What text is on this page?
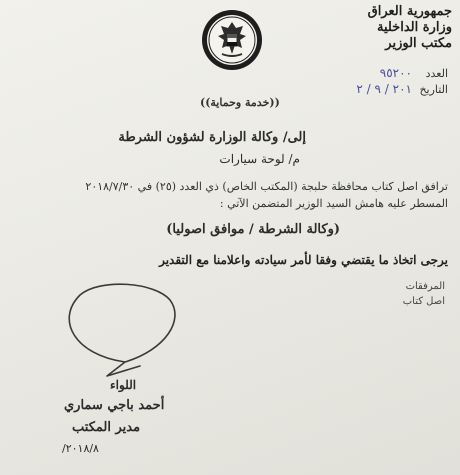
جمهورية العراق
وزارة الداخلية
مكتب الوزير
العدد
٩٥٢٠٠
التاريخ
٢٠١ / ٩ / ٢
((خدمة وحماية))
إلى/ وكالة الوزارة لشؤون الشرطة
م/ لوحة سيارات
ترافق اصل كتاب محافظة حلبجة (المكتب الخاص) ذي العدد (٢٥) في ٢٠١٨/٧/٣٠
المسطر عليه هامش السيد الوزير المتضمن الآتي :
(وكالة الشرطة / موافق اصوليا)
يرجى اتخاذ ما يقتضي وفقا لأمر سيادته واعلامنا مع التقدير
المرفقات
اصل كتاب
اللواء
أحمد باجي سماري
مدير المكتب
٢٠١٨/٨/
